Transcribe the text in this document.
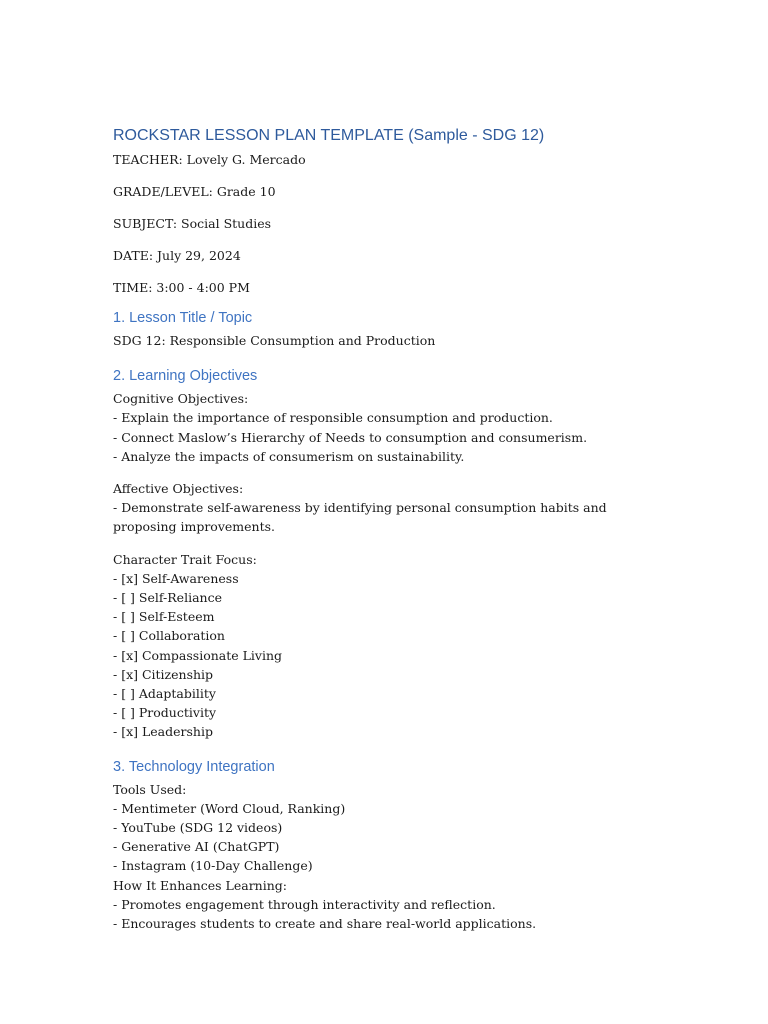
ROCKSTAR LESSON PLAN TEMPLATE (Sample - SDG 12)

TEACHER: Lovely G. Mercado

GRADE/LEVEL: Grade 10

SUBJECT: Social Studies

DATE: July 29, 2024

TIME: 3:00 - 4:00 PM

1. Lesson Title / Topic

SDG 12: Responsible Consumption and Production

2. Learning Objectives

Cognitive Objectives:

- Explain the importance of responsible consumption and production.

- Connect Maslow’s Hierarchy of Needs to consumption and consumerism.

- Analyze the impacts of consumerism on sustainability.

Affective Objectives:

- Demonstrate self-awareness by identifying personal consumption habits and proposing improvements.

Character Trait Focus:

- [x] Self-Awareness

- [ ] Self-Reliance

- [ ] Self-Esteem

- [ ] Collaboration

- [x] Compassionate Living

- [x] Citizenship

- [ ] Adaptability

- [ ] Productivity

- [x] Leadership

3. Technology Integration

Tools Used:

- Mentimeter (Word Cloud, Ranking)

- YouTube (SDG 12 videos)

- Generative AI (ChatGPT)

- Instagram (10-Day Challenge)

How It Enhances Learning:

- Promotes engagement through interactivity and reflection.

- Encourages students to create and share real-world applications.
